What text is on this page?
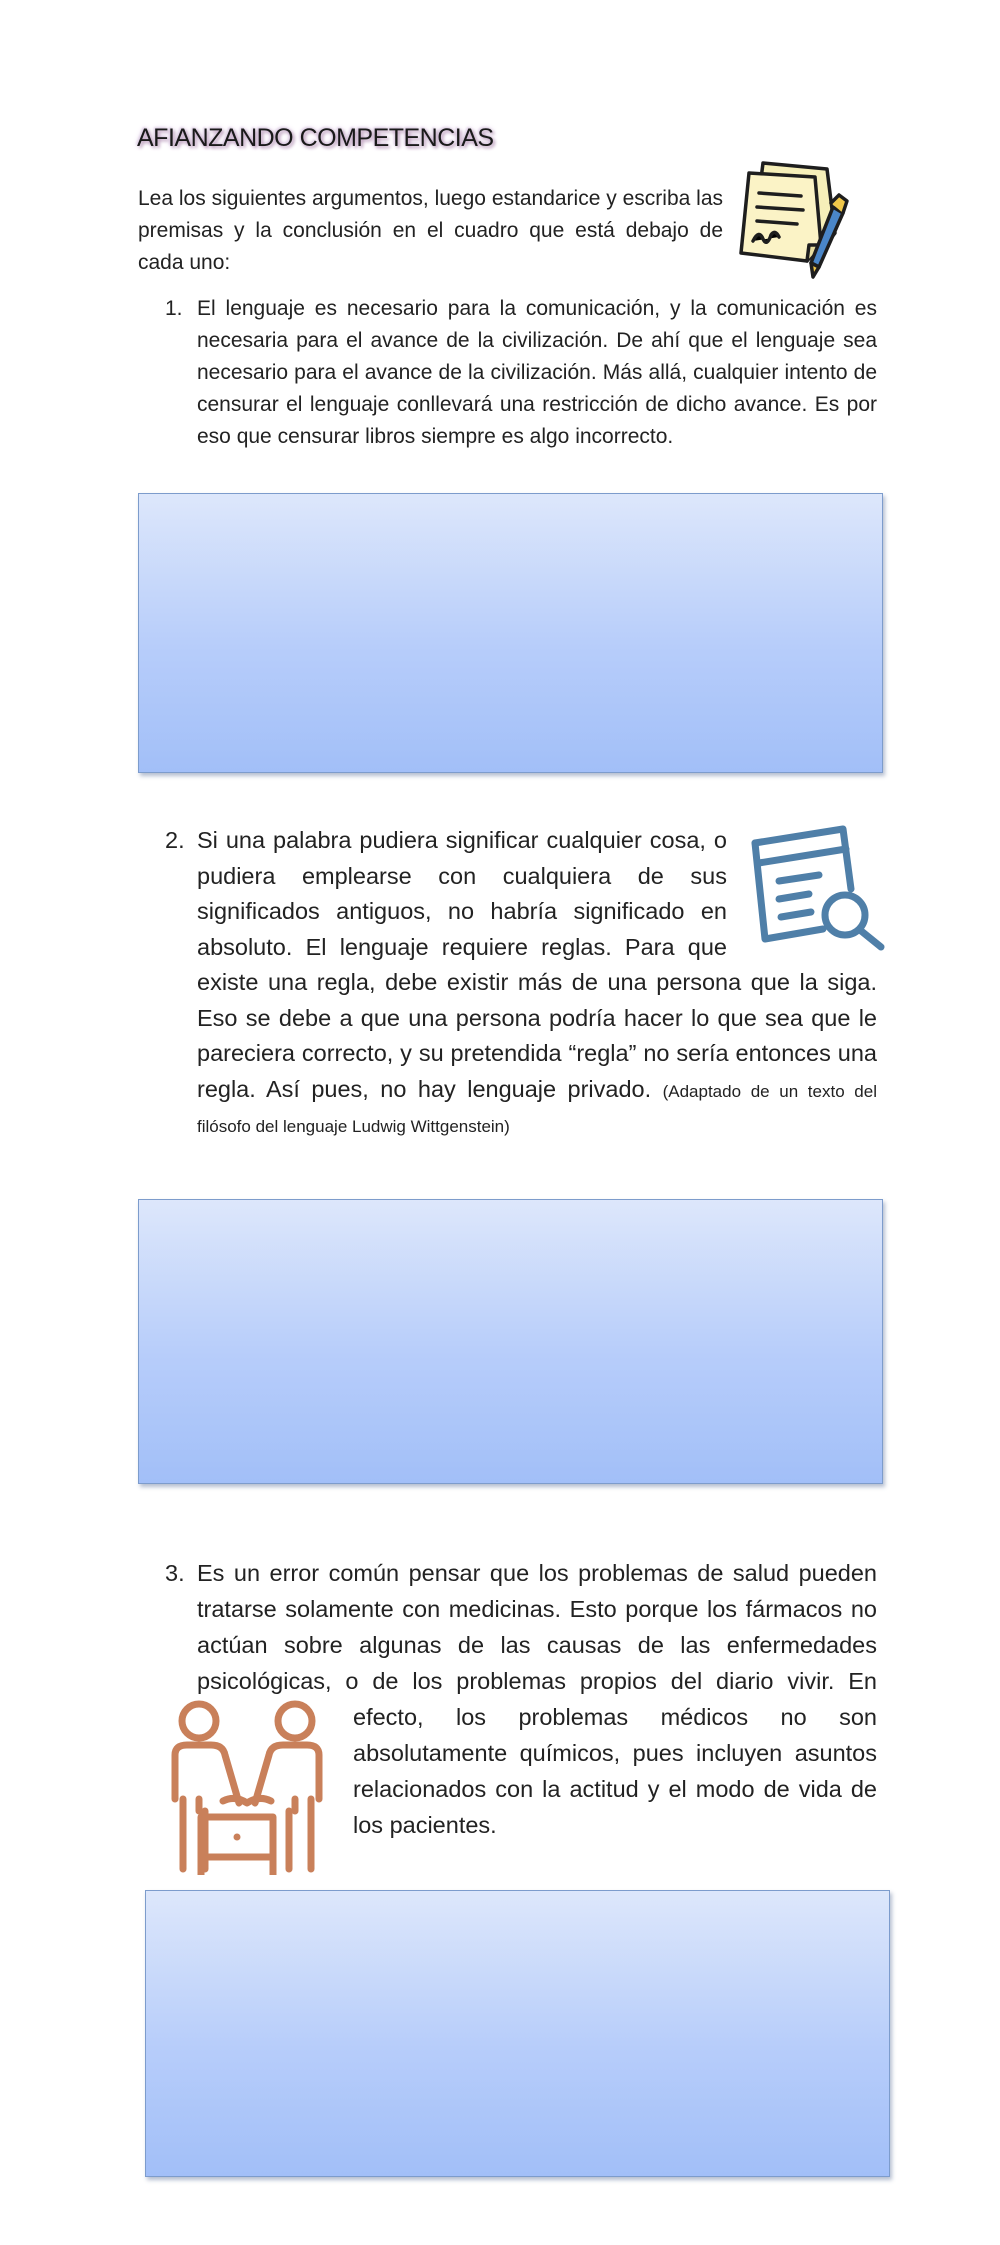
AFIANZANDO COMPETENCIAS
Lea los siguientes argumentos, luego estandarice y escriba las premisas y la conclusión en el cuadro que está debajo de cada uno:
1. El lenguaje es necesario para la comunicación, y la comunicación es necesaria para el avance de la civilización. De ahí que el lenguaje sea necesario para el avance de la civilización. Más allá, cualquier intento de censurar el lenguaje conllevará una restricción de dicho avance. Es por eso que censurar libros siempre es algo incorrecto.
2. Si una palabra pudiera significar cualquier cosa, o pudiera emplearse con cualquiera de sus significados antiguos, no habría significado en absoluto. El lenguaje requiere reglas. Para que existe una regla, debe existir más de una persona que la siga. Eso se debe a que una persona podría hacer lo que sea que le pareciera correcto, y su pretendida “regla” no sería entonces una regla. Así pues, no hay lenguaje privado. (Adaptado de un texto del filósofo del lenguaje Ludwig Wittgenstein)
3. Es un error común pensar que los problemas de salud pueden tratarse solamente con medicinas. Esto porque los fármacos no actúan sobre algunas de las causas de las enfermedades psicológicas, o de los problemas propios del diario vivir. En efecto, los problemas médicos no son absolutamente químicos, pues incluyen asuntos relacionados con la actitud y el modo de vida de los pacientes.
